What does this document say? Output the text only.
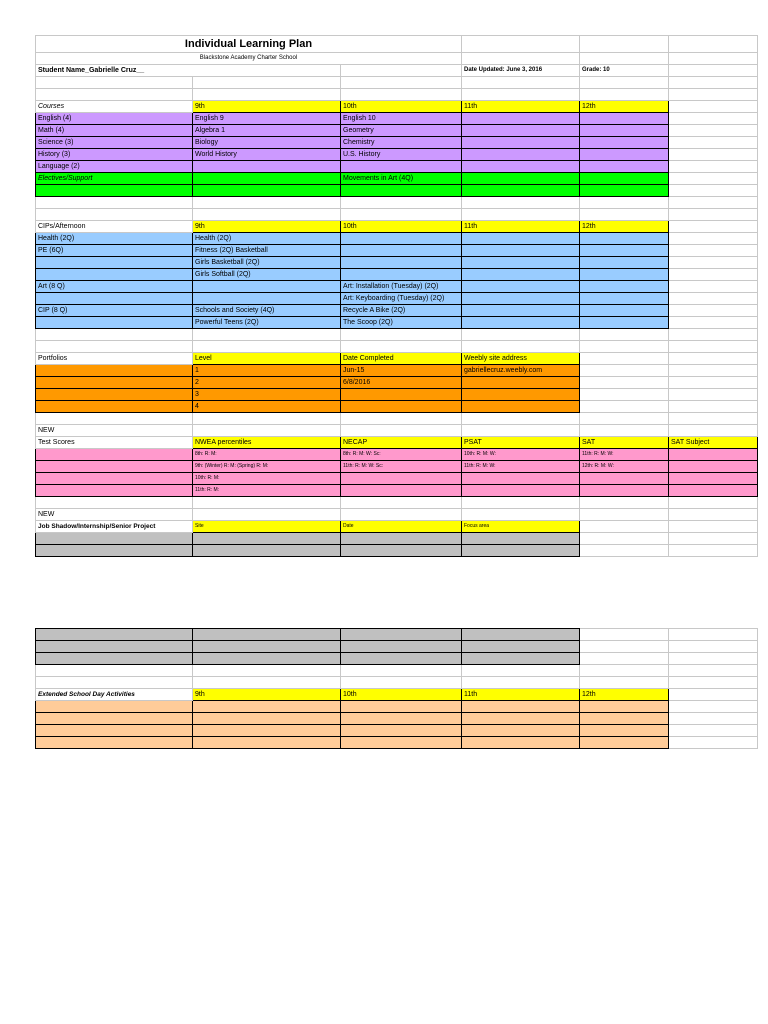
Individual Learning Plan					
Blackstone Academy Charter School					
Student Name_Gabrielle Cruz__			Date Updated: June 3, 2016	Grade: 10	

Courses	9th	10th	11th	12th	
English (4)	English 9	English 10			
Math (4)	Algebra 1	Geometry			
Science (3)	Biology	Chemistry			
History (3)	World History	U.S. History			
Language (2)					
Electives/Support		Movements in Art (4Q)			

CIPs/Afternoon	9th	10th	11th	12th	
Health (2Q)	Health (2Q)				
PE (6Q)	Fitness (2Q) Basketball				
	Girls Basketball (2Q)				
	Girls Softball (2Q)				
Art (8 Q)		Art: Installation (Tuesday) (2Q)			
		Art: Keyboarding (Tuesday) (2Q)			
CIP (8 Q)	Schools and Society (4Q)	Recycle A Bike (2Q)			
	Powerful Teens (2Q)	The Scoop (2Q)			

Portfolios	Level	Date Completed	Weebly site address		
	1	Jun-15	gabriellecruz.weebly.com		
	2	6/8/2016			
	3				
	4				

NEW					
Test Scores	NWEA percentiles	NECAP	PSAT	SAT	SAT Subject
	8th: R: M:	8th: R: M: W: Sc:	10th: R: M: W:	11th: R: M: W:	
	9th: (Winter) R: M: (Spring) R: M:	11th: R: M: W: Sc:	11th: R: M: W:	12th: R: M: W:	
	10th: R: M:				
	11th: R: M:				

NEW					
Job Shadow/Internship/Senior Project	Site	Date	Focus area		

Extended School Day Activities	9th	10th	11th	12th	
